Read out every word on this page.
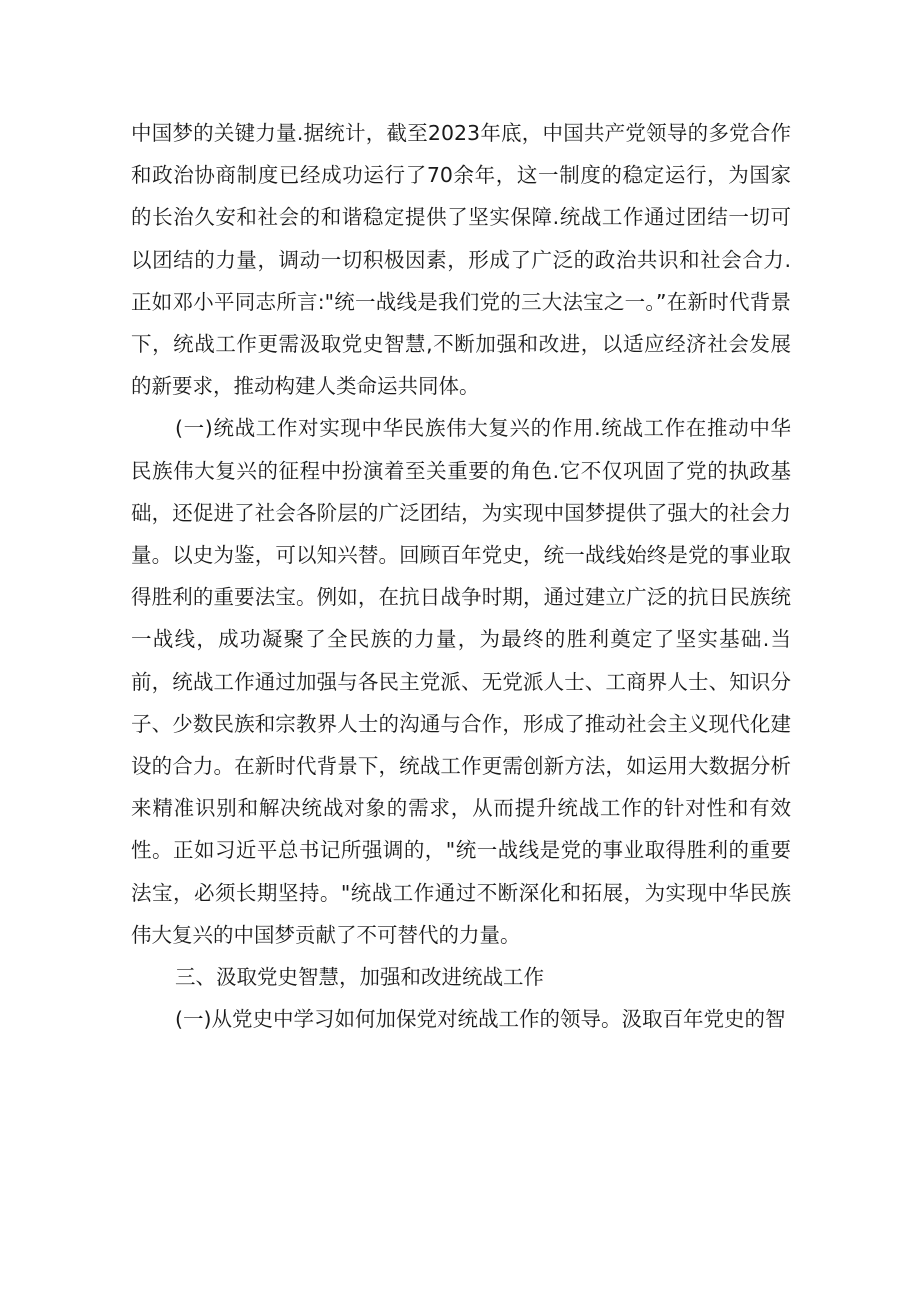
中国梦的关键力量.据统计，截至2023年底，中国共产党领导的多党合作和政治协商制度已经成功运行了70余年，这一制度的稳定运行，为国家的长治久安和社会的和谐稳定提供了坚实保障.统战工作通过团结一切可以团结的力量，调动一切积极因素，形成了广泛的政治共识和社会合力.正如邓小平同志所言:"统一战线是我们党的三大法宝之一。”在新时代背景下，统战工作更需汲取党史智慧,不断加强和改进，以适应经济社会发展的新要求，推动构建人类命运共同体。

(一)统战工作对实现中华民族伟大复兴的作用.统战工作在推动中华民族伟大复兴的征程中扮演着至关重要的角色.它不仅巩固了党的执政基础，还促进了社会各阶层的广泛团结，为实现中国梦提供了强大的社会力量。以史为鉴，可以知兴替。回顾百年党史，统一战线始终是党的事业取得胜利的重要法宝。例如，在抗日战争时期，通过建立广泛的抗日民族统一战线，成功凝聚了全民族的力量，为最终的胜利奠定了坚实基础.当前，统战工作通过加强与各民主党派、无党派人士、工商界人士、知识分子、少数民族和宗教界人士的沟通与合作，形成了推动社会主义现代化建设的合力。在新时代背景下，统战工作更需创新方法，如运用大数据分析来精准识别和解决统战对象的需求，从而提升统战工作的针对性和有效性。正如习近平总书记所强调的，"统一战线是党的事业取得胜利的重要法宝，必须长期坚持。"统战工作通过不断深化和拓展，为实现中华民族伟大复兴的中国梦贡献了不可替代的力量。

三、汲取党史智慧，加强和改进统战工作

(一)从党史中学习如何加保党对统战工作的领导。汲取百年党史的智
